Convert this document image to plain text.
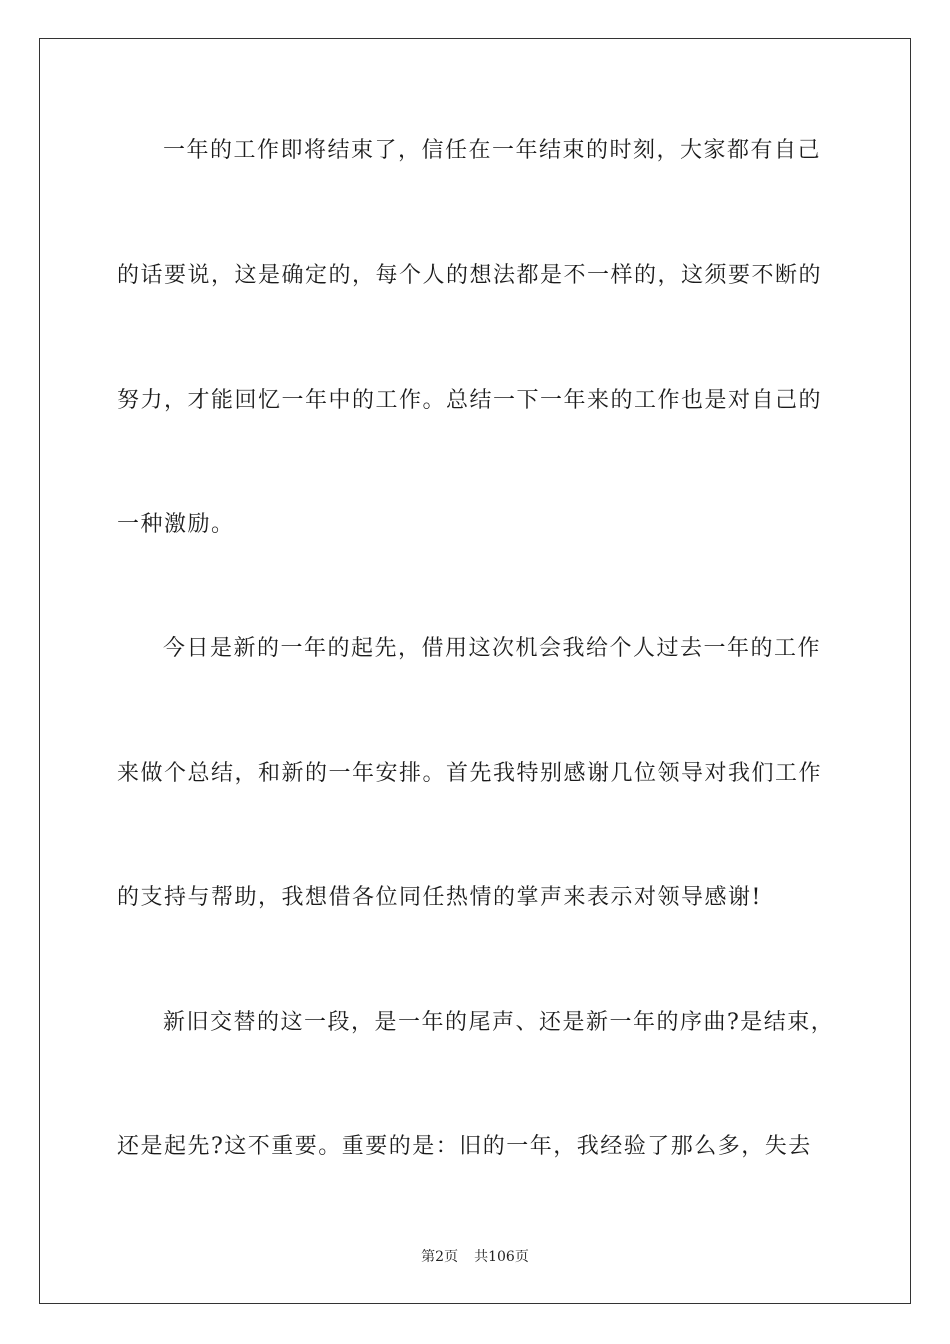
一年的工作即将结束了，信任在一年结束的时刻，大家都有自己
的话要说，这是确定的，每个人的想法都是不一样的，这须要不断的
努力，才能回忆一年中的工作。总结一下一年来的工作也是对自己的
一种激励。
今日是新的一年的起先，借用这次机会我给个人过去一年的工作
来做个总结，和新的一年安排。首先我特别感谢几位领导对我们工作
的支持与帮助，我想借各位同任热情的掌声来表示对领导感谢!
新旧交替的这一段，是一年的尾声、还是新一年的序曲?是结束，
还是起先?这不重要。重要的是：旧的一年，我经验了那么多，失去
第2页 共106页
